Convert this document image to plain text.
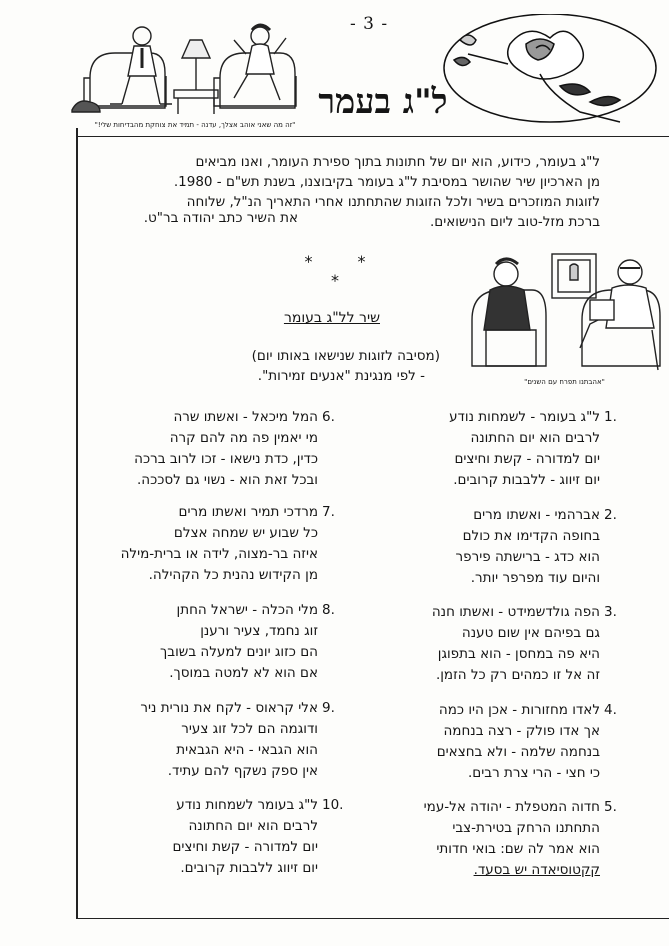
- 3 -
ל"ג בעמר
"זה מה שאני אוהב אצלך, עדנה - תמיד את צוחקת מהבדיחות שלי!"
ל"ג בעומר, כידוע, הוא יום של חתונות בתוך ספירת העומר, ואנו מביאים
מן הארכיון שיר שהושר במסיבת ל"ג בעומר בקיבוצנו, בשנת תש"ם - 1980.
לזוגות המוזכרים בשיר ולכל הזוגות שהתחתנו אחרי התאריך הנ"ל, שלוחה
ברכת מזל-טוב ליום הנישואים.
את השיר כתב יהודה בר"ט.
* * *
"אהבתנו תפרח עם השנים"
שיר לל"ג בעומר
(מסיבה לזוגות שנישאו באותו יום)
- לפי מנגינת "אנעים זמירות".
1.
ל"ג בעומר - לשמחות נודע
לרבים הוא יום החתונה
יום למדורה - קשת וחיצים
יום זיווג - ללבבות קרובים.
2.
אברהמי - ואשתו מרים
בחופה הקדימו את כולם
הוא כדג - ברישתה פירפר
והיום עוד מפרפר יותר.
3.
הפה גולדשמידט - ואשתו חנה
גם בפיהם אין שום טענה
היא פה במחסן - הוא בתפוגן
זה אל זו כמהים רק כל הזמן.
4.
לאדו מחזורות - אכן היו כמה
אך אדו פולק - רצה בנחמה
בנחמה שלמה - ולא בחצאים
כי חצי - הרי צרת רבים.
5.
חדוה המטפלת - יהודה אל-עמי
התחתנו הרחק בטירת-צבי
הוא אמר לה שם: בואי חדותי
קקטוסיאדה יש בסעד.
6.
המל מיכאל - ואשתו שרה
מי יאמין פה מה להם קרה
כדין, כדת נישאו - זכו לרוב ברכה
ובכל זאת הוא - נשוי גם לסככה.
7.
מרדכי תמיר ואשתו מרים
כל שבוע יש שמחה אצלם
איזה בר-מצוה, לידה או ברית-מילה
מן הקידוש נהנית כל הקהילה.
8.
מלי הכלה - ישראל החתן
זוג נחמד, צעיר ורענן
הם כזוג יונים למעלה בשובך
אם הוא לא למטה במוסך.
9.
אלי קראוס - לקח את נורית ניר
ודוגמה הם לכל זוג צעיר
הוא הגבאי - היא הגבאית
אין ספק נשקף להם עתיד.
10.
ל"ג בעומר לשמחות נודע
לרבים הוא יום החתונה
יום למדורה - קשת וחיצים
יום זיווג ללבבות קרובים.
